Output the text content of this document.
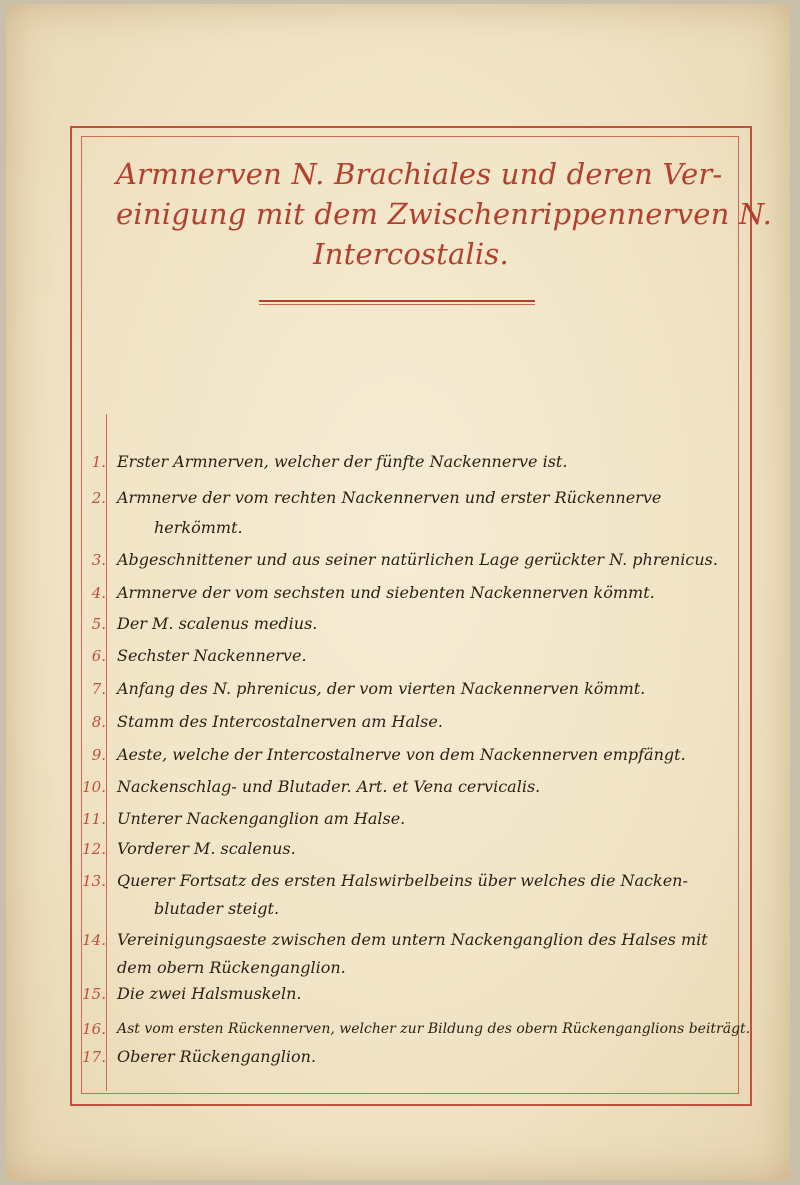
Armnerven N. Brachiales und deren Ver-
einigung mit dem Zwischenrippennerven N.
Intercostalis.
1. Erster Armnerven, welcher der fünfte Nackennerve ist.
2. Armnerve der vom rechten Nackennerven und erster Rückennerve
herkömmt.
3. Abgeschnittener und aus seiner natürlichen Lage gerückter N. phrenicus.
4. Armnerve der vom sechsten und siebenten Nackennerven kömmt.
5. Der M. scalenus medius.
6. Sechster Nackennerve.
7. Anfang des N. phrenicus, der vom vierten Nackennerven kömmt.
8. Stamm des Intercostalnerven am Halse.
9. Aeste, welche der Intercostalnerve von dem Nackennerven empfängt.
10. Nackenschlag- und Blutader. Art. et Vena cervicalis.
11. Unterer Nackenganglion am Halse.
12. Vorderer M. scalenus.
13. Querer Fortsatz des ersten Halswirbelbeins über welches die Nacken-
blutader steigt.
14. Vereinigungsaeste zwischen dem untern Nackenganglion des Halses mit
dem obern Rückenganglion.
15. Die zwei Halsmuskeln.
16. Ast vom ersten Rückennerven, welcher zur Bildung des obern Rückenganglions beiträgt.
17. Oberer Rückenganglion.
